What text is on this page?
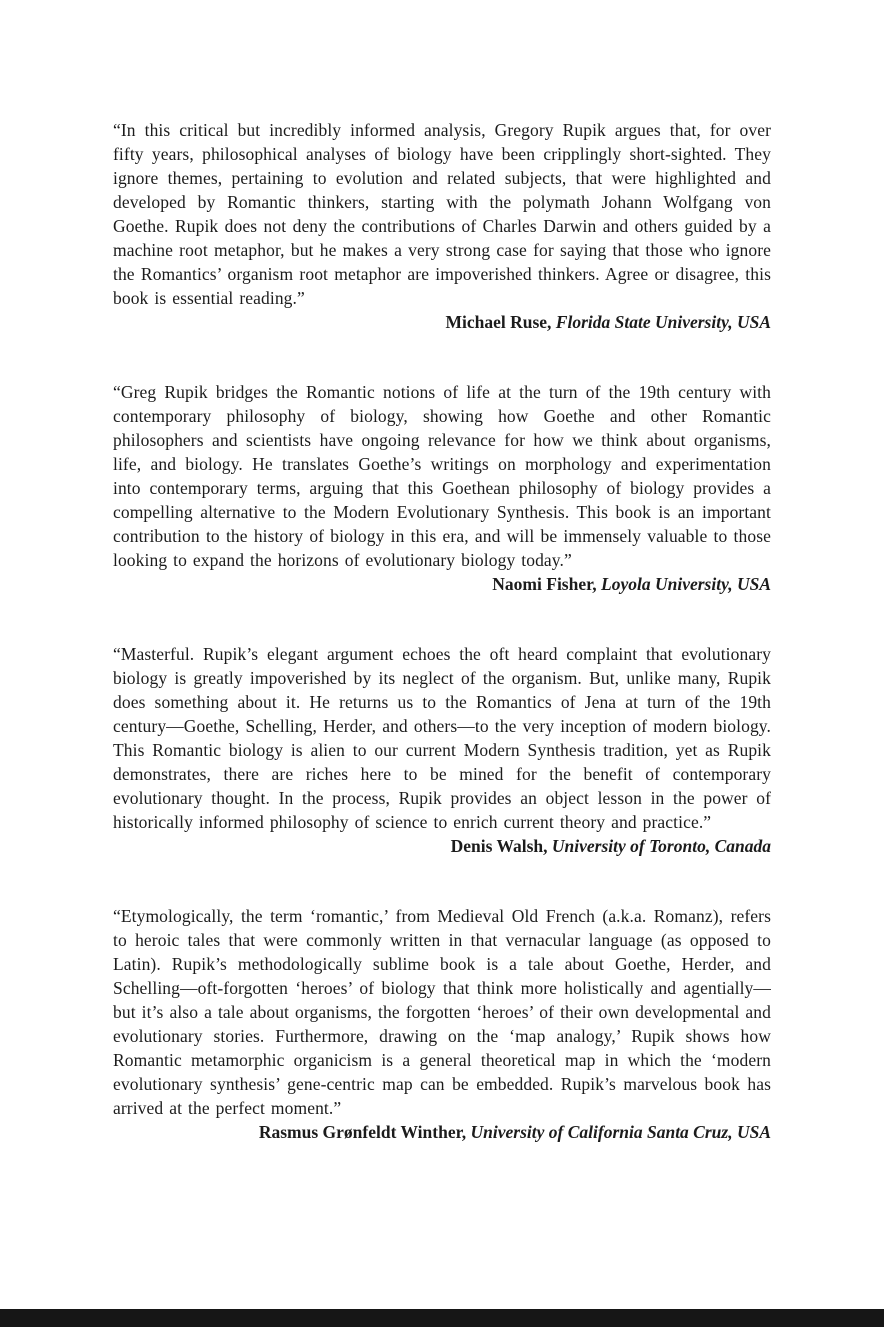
“In this critical but incredibly informed analysis, Gregory Rupik argues that, for over fifty years, philosophical analyses of biology have been cripplingly short-sighted. They ignore themes, pertaining to evolution and related subjects, that were highlighted and developed by Romantic thinkers, starting with the polymath Johann Wolfgang von Goethe. Rupik does not deny the contributions of Charles Darwin and others guided by a machine root metaphor, but he makes a very strong case for saying that those who ignore the Romantics’ organism root metaphor are impoverished thinkers. Agree or disagree, this book is essential reading.”

Michael Ruse, Florida State University, USA

“Greg Rupik bridges the Romantic notions of life at the turn of the 19th century with contemporary philosophy of biology, showing how Goethe and other Romantic philosophers and scientists have ongoing relevance for how we think about organisms, life, and biology. He translates Goethe’s writings on morphology and experimentation into contemporary terms, arguing that this Goethean philosophy of biology provides a compelling alternative to the Modern Evolutionary Synthesis. This book is an important contribution to the history of biology in this era, and will be immensely valuable to those looking to expand the horizons of evolutionary biology today.”

Naomi Fisher, Loyola University, USA

“Masterful. Rupik’s elegant argument echoes the oft heard complaint that evolutionary biology is greatly impoverished by its neglect of the organism. But, unlike many, Rupik does something about it. He returns us to the Romantics of Jena at turn of the 19th century—Goethe, Schelling, Herder, and others—to the very inception of modern biology. This Romantic biology is alien to our current Modern Synthesis tradition, yet as Rupik demonstrates, there are riches here to be mined for the benefit of contemporary evolutionary thought. In the process, Rupik provides an object lesson in the power of historically informed philosophy of science to enrich current theory and practice.”

Denis Walsh, University of Toronto, Canada

“Etymologically, the term ‘romantic,’ from Medieval Old French (a.k.a. Romanz), refers to heroic tales that were commonly written in that vernacular language (as opposed to Latin). Rupik’s methodologically sublime book is a tale about Goethe, Herder, and Schelling—oft-forgotten ‘heroes’ of biology that think more holistically and agentially—but it’s also a tale about organisms, the forgotten ‘heroes’ of their own developmental and evolutionary stories. Furthermore, drawing on the ‘map analogy,’ Rupik shows how Romantic metamorphic organicism is a general theoretical map in which the ‘modern evolutionary synthesis’ gene-centric map can be embedded. Rupik’s marvelous book has arrived at the perfect moment.”

Rasmus Grønfeldt Winther, University of California Santa Cruz, USA
